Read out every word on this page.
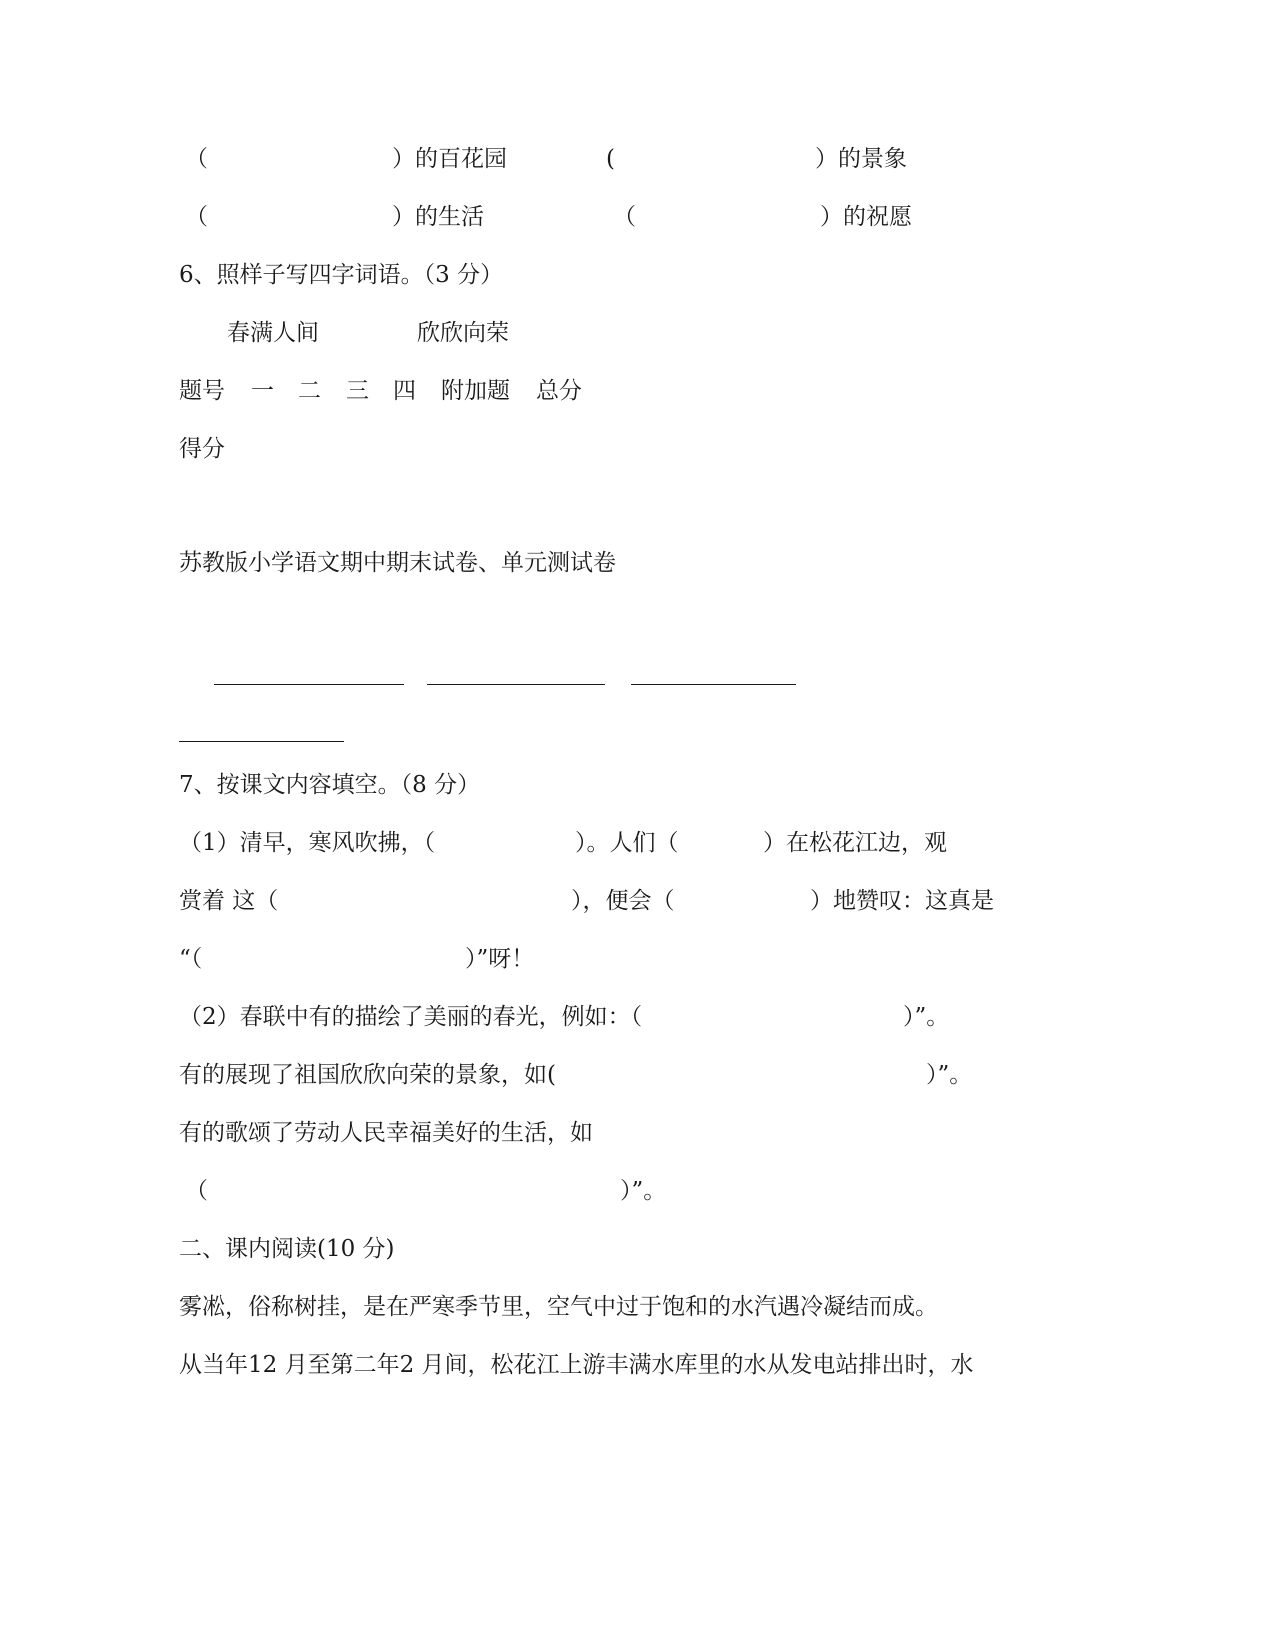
（	）的百花园	(	）的景象
（	）的生活	（	）的祝愿
6、照样子写四字词语。（3 分）
春满人间	欣欣向荣
题号 一 二 三 四 附加题 总分
得分
苏教版小学语文期中期末试卷、单元测试卷
7、按课文内容填空。（8 分）
（1）清早，寒风吹拂，（	）。人们（	）在松花江边，观
赏着 这（	），便会（	）地赞叹：这真是
“（	）”呀！
（2）春联中有的描绘了美丽的春光，例如：（	）”。
有的展现了祖国欣欣向荣的景象，如(	）”。
有的歌颂了劳动人民幸福美好的生活，如
（	）”。
二、课内阅读(10 分)
雾凇，俗称树挂，是在严寒季节里，空气中过于饱和的水汽遇冷凝结而成。
从当年12 月至第二年2 月间，松花江上游丰满水库里的水从发电站排出时，水
